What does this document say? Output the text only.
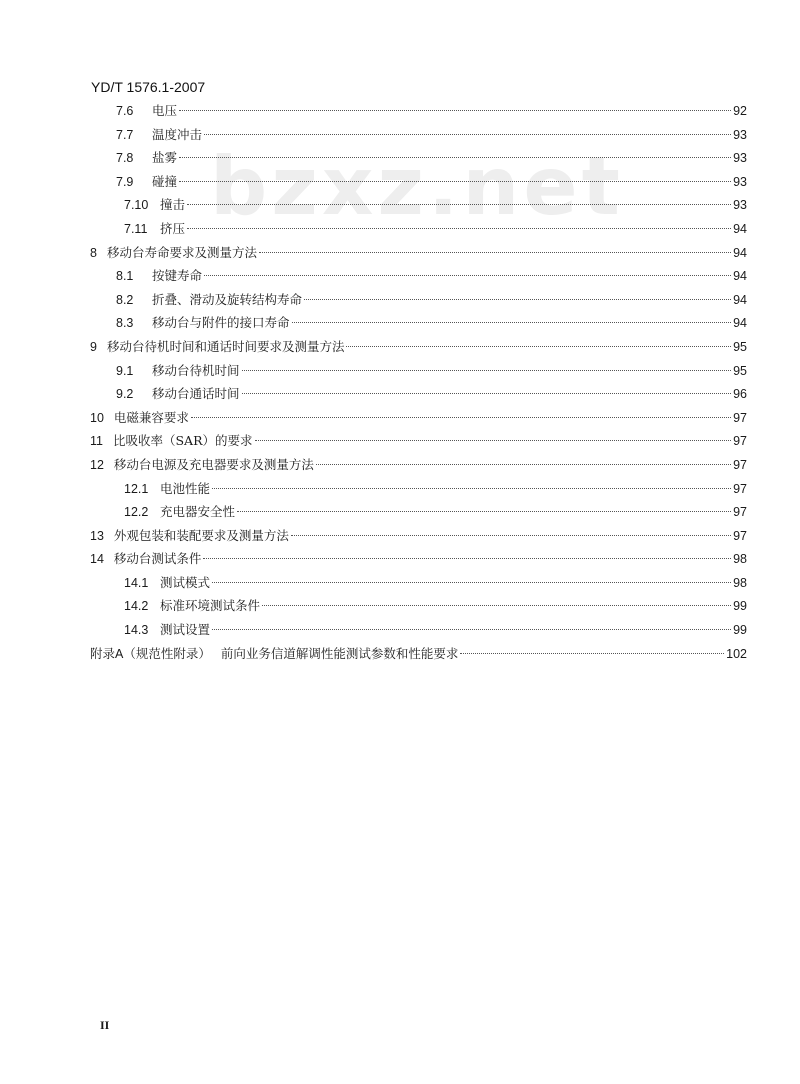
bzxz.net
YD/T 1576.1-2007
7.6	电压	92
7.7	温度冲击	93
7.8	盐雾	93
7.9	碰撞	93
7.10 撞击	93
7.11	挤压	94
8 移动台寿命要求及测量方法	94
8.1	按键寿命	94
8.2	折叠、滑动及旋转结构寿命	94
8.3	移动台与附件的接口寿命	94
9 移动台待机时间和通话时间要求及测量方法	95
9.1	移动台待机时间	95
9.2	移动台通话时间	96
10 电磁兼容要求	97
11 比吸收率（SAR）的要求	97
12 移动台电源及充电器要求及测量方法	97
12.1 电池性能	97
12.2 充电器安全性	97
13 外观包装和装配要求及测量方法	97
14 移动台测试条件	98
14.1 测试模式	98
14.2 标准环境测试条件	99
14.3 测试设置	99
附录A（规范性附录） 前向业务信道解调性能测试参数和性能要求	102
II
